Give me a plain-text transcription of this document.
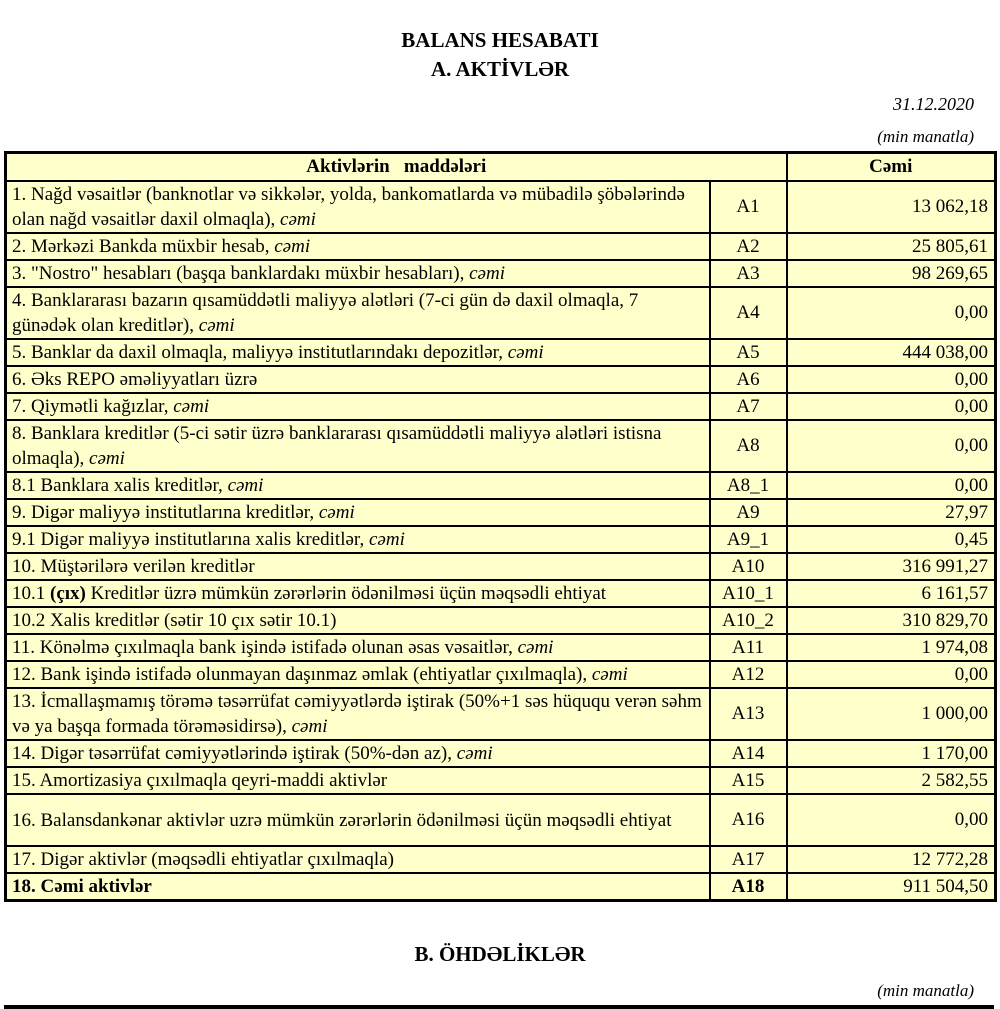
BALANS HESABATI
A. AKTİVLƏR
31.12.2020
(min manatla)
Aktivlərin   maddələri		Cəmi
1. Nağd vəsaitlər (banknotlar və sikkələr, yolda, bankomatlarda və mübadilə şöbələrində olan nağd vəsaitlər daxil olmaqla), cəmi	A1	13 062,18
2. Mərkəzi Bankda müxbir hesab, cəmi	A2	25 805,61
3. "Nostro" hesabları (başqa banklardakı müxbir hesabları), cəmi	A3	98 269,65
4. Banklararası bazarın qısamüddətli maliyyə alətləri (7-ci gün də daxil olmaqla, 7 günədək olan kreditlər), cəmi	A4	0,00
5. Banklar da daxil olmaqla, maliyyə institutlarındakı depozitlər, cəmi	A5	444 038,00
6. Əks REPO əməliyyatları üzrə	A6	0,00
7. Qiymətli kağızlar, cəmi	A7	0,00
8. Banklara kreditlər (5-ci sətir üzrə banklararası qısamüddətli maliyyə alətləri istisna olmaqla), cəmi	A8	0,00
8.1 Banklara xalis kreditlər, cəmi	A8_1	0,00
9. Digər maliyyə institutlarına kreditlər, cəmi	A9	27,97
9.1 Digər maliyyə institutlarına xalis kreditlər, cəmi	A9_1	0,45
10. Müştərilərə verilən kreditlər	A10	316 991,27
10.1 (çıx) Kreditlər üzrə mümkün zərərlərin ödənilməsi üçün məqsədli ehtiyat	A10_1	6 161,57
10.2 Xalis kreditlər (sətir 10 çıx sətir 10.1)	A10_2	310 829,70
11. Könəlmə çıxılmaqla bank işində istifadə olunan əsas vəsaitlər, cəmi	A11	1 974,08
12. Bank işində istifadə olunmayan daşınmaz əmlak (ehtiyatlar çıxılmaqla), cəmi	A12	0,00
13. İcmallaşmamış törəmə təsərrüfat cəmiyyətlərdə iştirak (50%+1 səs hüququ verən səhm və ya başqa formada törəməsidirsə), cəmi	A13	1 000,00
14. Digər təsərrüfat cəmiyyətlərində iştirak (50%-dən az), cəmi	A14	1 170,00
15. Amortizasiya çıxılmaqla qeyri-maddi aktivlər	A15	2 582,55
16. Balansdankənar aktivlər uzrə mümkün zərərlərin ödənilməsi üçün məqsədli ehtiyat	A16	0,00
17. Digər aktivlər (məqsədli ehtiyatlar çıxılmaqla)	A17	12 772,28
18. Cəmi aktivlər	A18	911 504,50
B. ÖHDƏLİKLƏR
(min manatla)
